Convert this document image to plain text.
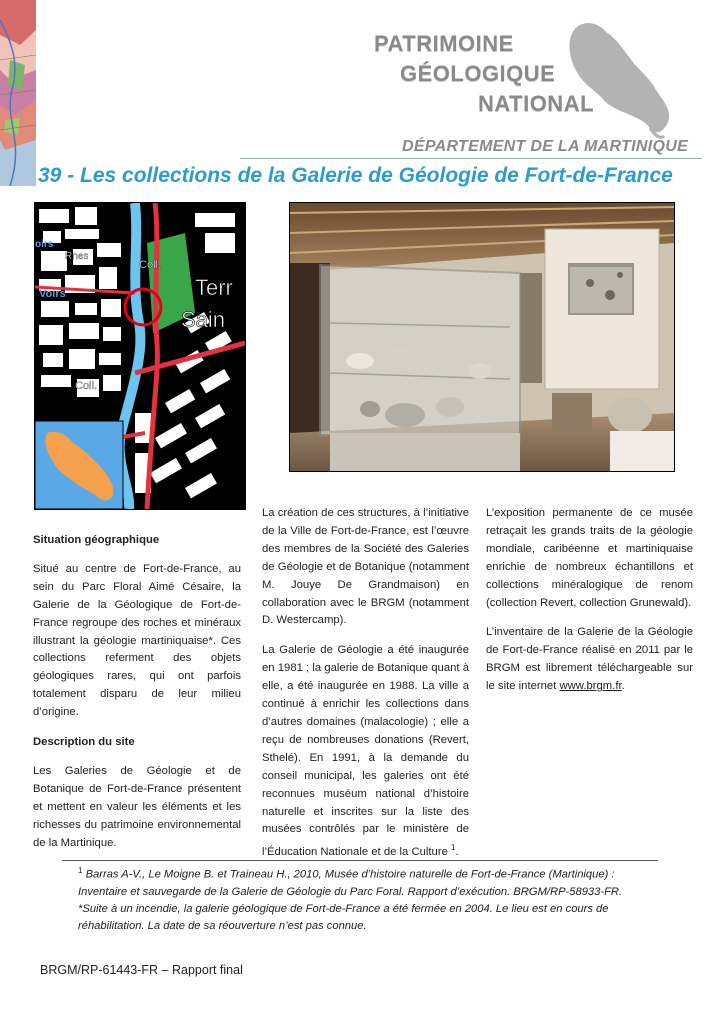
PATRIMOINE
GÉOLOGIQUE
NATIONAL
DÉPARTEMENT DE LA MARTINIQUE
39 - Les collections de la Galerie de Géologie de Fort-de-France
oirs
Rnes
Coll.
Voirs	Terr
Sain
Coll.

Situation géographique

Situé au centre de Fort-de-France, au sein du Parc Floral Aimé Césaire, la Galerie de la Géologique de Fort-de-France regroupe des roches et minéraux illustrant la géologie martiniquaise*. Ces collections referment des objets géologiques rares, qui ont parfois totalement disparu de leur milieu d’origine.

Description du site

Les Galeries de Géologie et de Botanique de Fort-de-France présentent et mettent en valeur les éléments et les richesses du patrimoine environnemental de la Martinique.

La création de ces structures, à l’initiative de la Ville de Fort-de-France, est l’œuvre des membres de la Société des Galeries de Géologie et de Botanique (notamment M. Jouye De Grandmaison) en collaboration avec le BRGM (notamment D. Westercamp).

La Galerie de Géologie a été inaugurée en 1981 ; la galerie de Botanique quant à elle, a été inaugurée en 1988. La ville a continué à enrichir les collections dans d’autres domaines (malacologie) ; elle a reçu de nombreuses donations (Revert, Sthelé). En 1991, à la demande du conseil municipal, les galeries ont été reconnues muséum national d’histoire naturelle et inscrites sur la liste des musées contrôlés par le ministère de l’Éducation Nationale et de la Culture $^1$.

L’exposition permanente de ce musée retraçait les grands traits de la géologie mondiale, caribéenne et martiniquaise enrichie de nombreux échantillons et collections minéralogique de renom (collection Revert, collection Grunewald).

L’inventaire de la Galerie de la Géologie de Fort-de-France réalisé en 2011 par le BRGM est librement téléchargeable sur le site internet www.brgm.fr.

$^1$ Barras A-V., Le Moigne B. et Traineau H., 2010, Musée d’histoire naturelle de Fort-de-France (Martinique) : Inventaire et sauvegarde de la Galerie de Géologie du Parc Foral. Rapport d’exécution. BRGM/RP-58933-FR.
*Suite à un incendie, la galerie géologique de Fort-de-France a été fermée en 2004. Le lieu est en cours de réhabilitation. La date de sa réouverture n’est pas connue.
BRGM/RP-61443-FR – Rapport final
